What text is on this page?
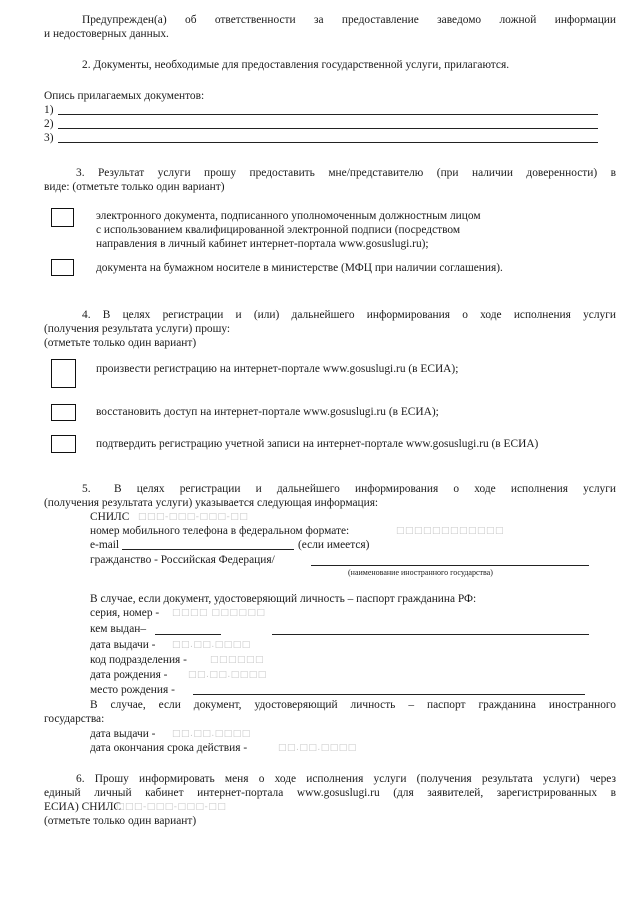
Предупрежден(а) об ответственности за предоставление заведомо ложной информации
и недостоверных данных.
2. Документы, необходимые для предоставления государственной услуги, прилагаются.
Опись прилагаемых документов:
1)
2)
3)
3. Результат услуги прошу предоставить мне/представителю (при наличии доверенности) в
виде: (отметьте только один вариант)
электронного документа, подписанного уполномоченным должностным лицом
с использованием квалифицированной электронной подписи (посредством
направления в личный кабинет интернет-портала www.gosuslugi.ru);
документа на бумажном носителе в министерстве (МФЦ при наличии соглашения).
4. В целях регистрации и (или) дальнейшего информирования о ходе исполнения услуги
(получения результата услуги) прошу:
(отметьте только один вариант)
произвести регистрацию на интернет-портале www.gosuslugi.ru (в ЕСИА);
восстановить доступ на интернет-портале www.gosuslugi.ru (в ЕСИА);
подтвердить регистрацию учетной записи на интернет-портале www.gosuslugi.ru (в ЕСИА)
5. В целях регистрации и дальнейшего информирования о ходе исполнения услуги
(получения результата услуги) указывается следующая информация:
СНИЛС □□□-□□□-□□□-□□
номер мобильного телефона в федеральном формате:	□□□□□□□□□□□□
e-mail	(если имеется)
гражданство - Российская Федерация/
(наименование иностранного государства)
В случае, если документ, удостоверяющий личность – паспорт гражданина РФ:
серия, номер - □□□□ □□□□□□
кем выдан–
дата выдачи - □□.□□.□□□□
код подразделения -	□□□□□□
дата рождения - □□.□□.□□□□
место рождения -
В случае, если документ, удостоверяющий личность – паспорт гражданина иностранного
государства:
дата выдачи - □□.□□.□□□□
дата окончания срока действия -	□□.□□.□□□□
6. Прошу информировать меня о ходе исполнения услуги (получения результата услуги) через
единый личный кабинет интернет-портала www.gosuslugi.ru (для заявителей, зарегистрированных в
ЕСИА) СНИЛС
□□□-□□□-□□□-□□
(отметьте только один вариант)
